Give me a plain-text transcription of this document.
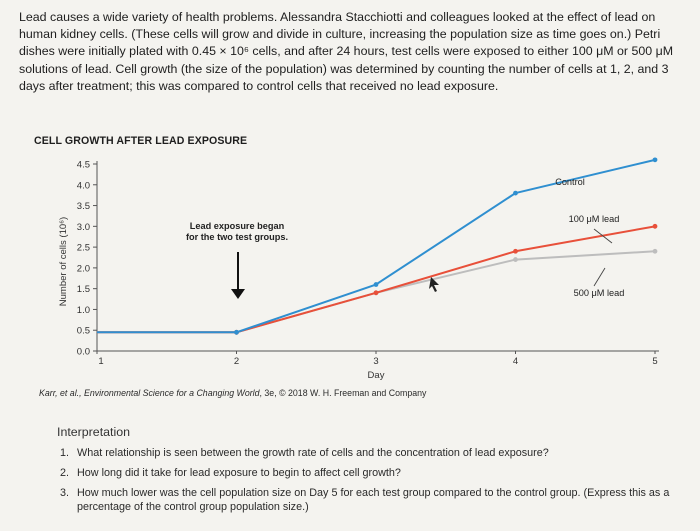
Lead causes a wide variety of health problems. Alessandra Stacchiotti and colleagues looked at the effect of lead on human kidney cells. (These cells will grow and divide in culture, increasing the population size as time goes on.) Petri dishes were initially plated with 0.45 × 10⁶ cells, and after 24 hours, test cells were exposed to either 100 μM or 500 μM solutions of lead. Cell growth (the size of the population) was determined by counting the number of cells at 1, 2, and 3 days after treatment; this was compared to control cells that received no lead exposure.
CELL GROWTH AFTER LEAD EXPOSURE
0.0
0.5
1.0
1.5
2.0
2.5
3.0
3.5
4.0
4.5
Number of cells (10⁶)
1	2	3	4	5
Day
Control
100 μM lead
500 μM lead
Lead exposure began
for the two test groups.
Karr, et al., Environmental Science for a Changing World, 3e, © 2018 W. H. Freeman and Company
Interpretation
1. What relationship is seen between the growth rate of cells and the concentration of lead exposure?
2. How long did it take for lead exposure to begin to affect cell growth?
3. How much lower was the cell population size on Day 5 for each test group compared to the control group. (Express this as a percentage of the control group population size.)
